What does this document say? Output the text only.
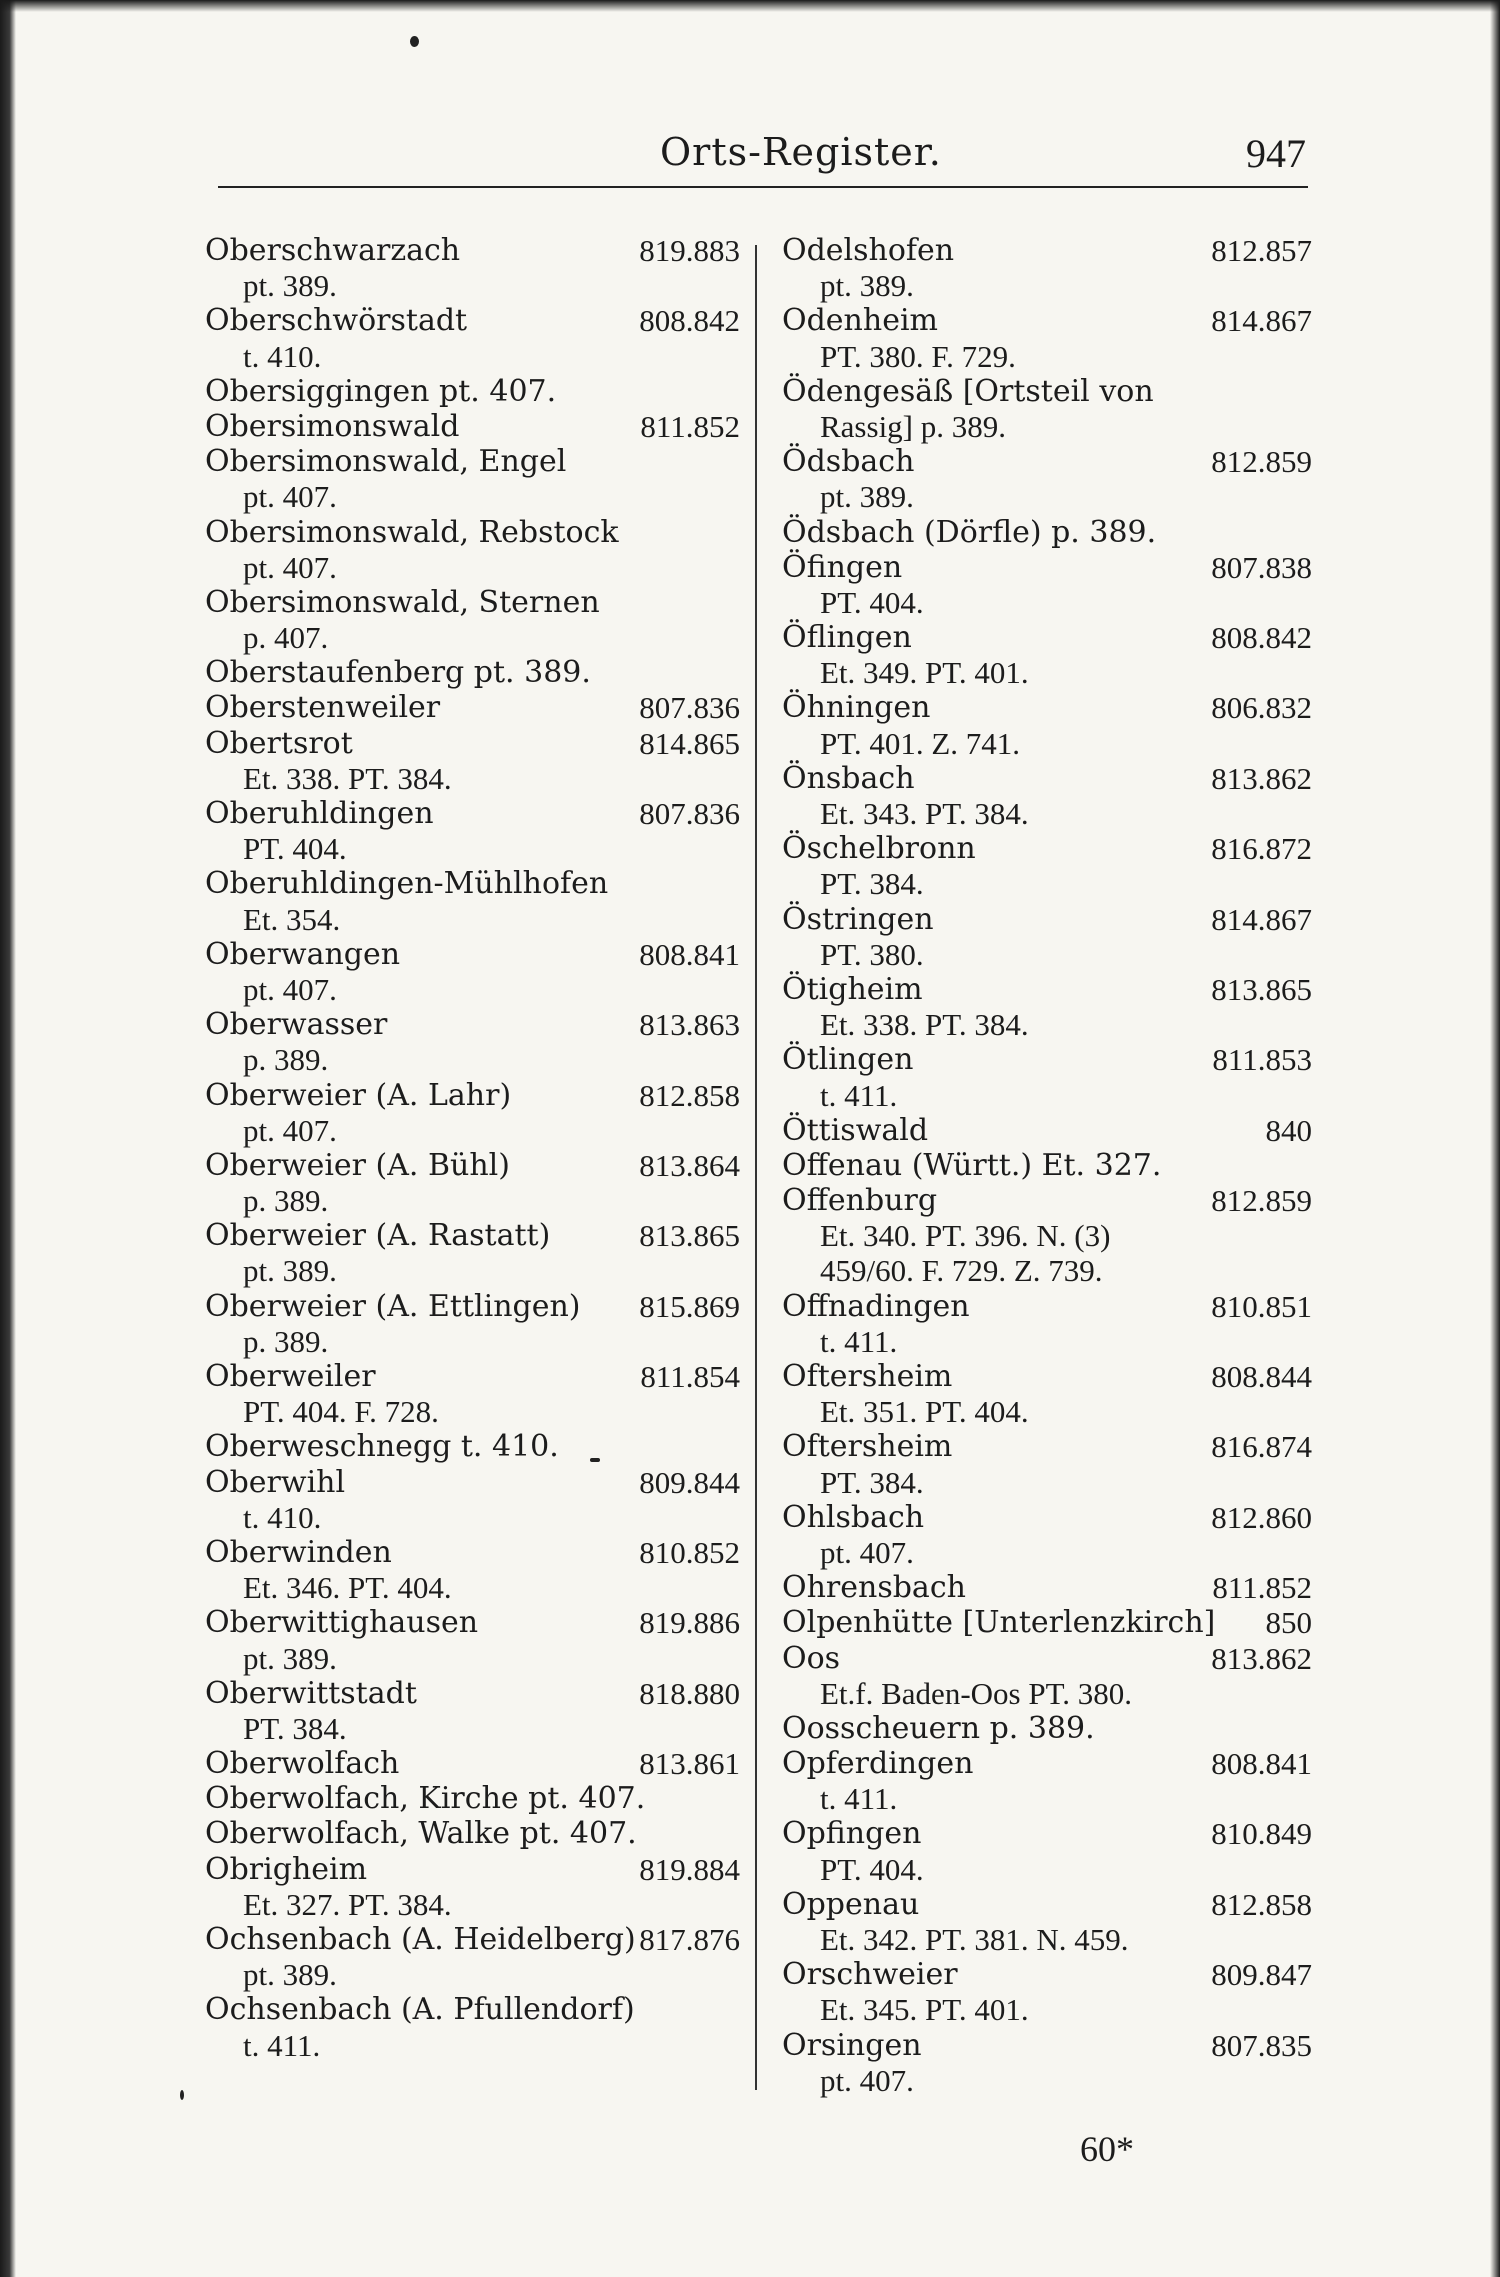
Orts-Register.	947
Oberschwarzach	819.883
pt. 389.
Oberschwörstadt	808.842
t. 410.
Obersiggingen pt. 407.
Obersimonswald	811.852
Obersimonswald, Engel
pt. 407.
Obersimonswald, Rebstock
pt. 407.
Obersimonswald, Sternen
p. 407.
Oberstaufenberg pt. 389.
Oberstenweiler	807.836
Obertsrot	814.865
Et. 338. PT. 384.
Oberuhldingen	807.836
PT. 404.
Oberuhldingen-Mühlhofen
Et. 354.
Oberwangen	808.841
pt. 407.
Oberwasser	813.863
p. 389.
Oberweier (A. Lahr)	812.858
pt. 407.
Oberweier (A. Bühl)	813.864
p. 389.
Oberweier (A. Rastatt)	813.865
pt. 389.
Oberweier (A. Ettlingen) 815.869
p. 389.
Oberweiler	811.854
PT. 404. F. 728.
Oberweschnegg t. 410.
Oberwihl	809.844
t. 410.
Oberwinden	810.852
Et. 346. PT. 404.
Oberwittighausen	819.886
pt. 389.
Oberwittstadt	818.880
PT. 384.
Oberwolfach	813.861
Oberwolfach, Kirche pt. 407.
Oberwolfach, Walke pt. 407.
Obrigheim	819.884
Et. 327. PT. 384.
Ochsenbach (A. Heidelberg) 817.876
pt. 389.
Ochsenbach (A. Pfullendorf)
t. 411.
Odelshofen	812.857
pt. 389.
Odenheim	814.867
PT. 380. F. 729.
Ödengesäß [Ortsteil von
Rassig] p. 389.
Ödsbach	812.859
pt. 389.
Ödsbach (Dörfle) p. 389.
Öfingen	807.838
PT. 404.
Öflingen	808.842
Et. 349. PT. 401.
Öhningen	806.832
PT. 401. Z. 741.
Önsbach	813.862
Et. 343. PT. 384.
Öschelbronn	816.872
PT. 384.
Östringen	814.867
PT. 380.
Ötigheim	813.865
Et. 338. PT. 384.
Ötlingen	811.853
t. 411.
Öttiswald	840
Offenau (Württ.) Et. 327.
Offenburg	812.859
Et. 340. PT. 396. N. (3)
459/60. F. 729. Z. 739.
Offnadingen	810.851
t. 411.
Oftersheim	808.844
Et. 351. PT. 404.
Oftersheim	816.874
PT. 384.
Ohlsbach	812.860
pt. 407.
Ohrensbach	811.852
Olpenhütte [Unterlenzkirch] 850
Oos	813.862
Et.f. Baden-Oos PT. 380.
Oosscheuern p. 389.
Opferdingen	808.841
t. 411.
Opfingen	810.849
PT. 404.
Oppenau	812.858
Et. 342. PT. 381. N. 459.
Orschweier	809.847
Et. 345. PT. 401.
Orsingen	807.835
pt. 407.
60*
